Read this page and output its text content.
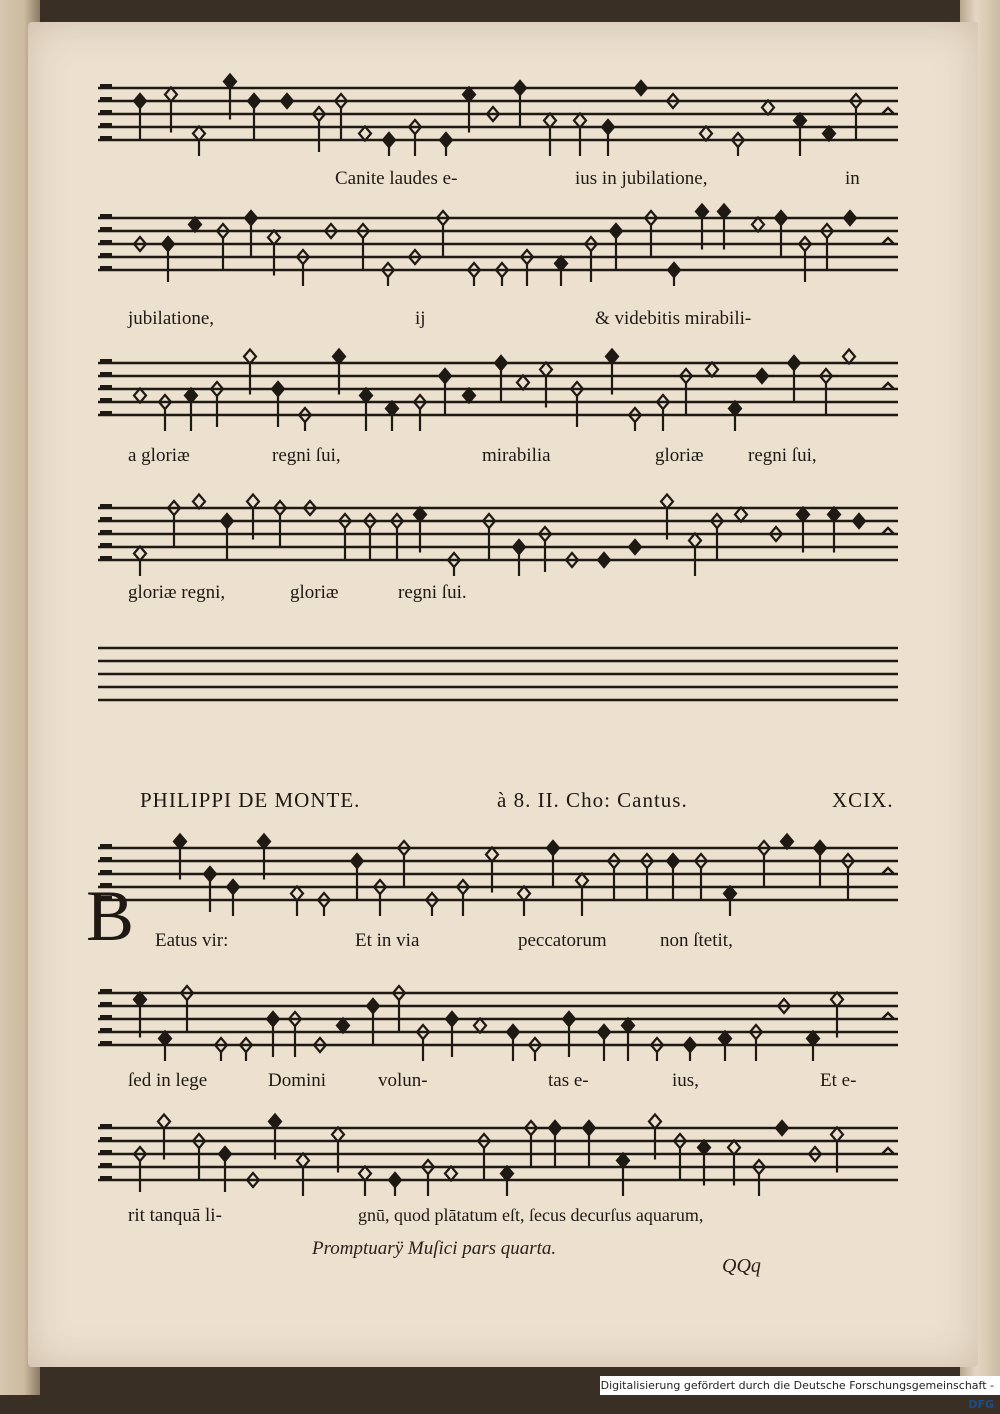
Canite laudes e-	ius in jubilatione,	in
jubilatione,	ij	& videbitis mirabili-
a gloriæ	regni ſui,	mirabilia	gloriæ regni ſui,
gloriæ regni,	gloriæ	regni ſui.
PHILIPPI DE MONTE.	à 8. II. Cho: Cantus.	XCIX.
B Eatus vir:	Et in via	peccatorum	non ſtetit,
ſed in lege	Domini	volun-	tas e-	ius,	Et e-
rit tanquā li-	gnū, quod plātatum eſt, ſecus decurſus aquarum,
Promptuarÿ Muſici pars quarta.
QQq
Digitalisierung gefördert durch die Deutsche Forschungsgemeinschaft -DFG
